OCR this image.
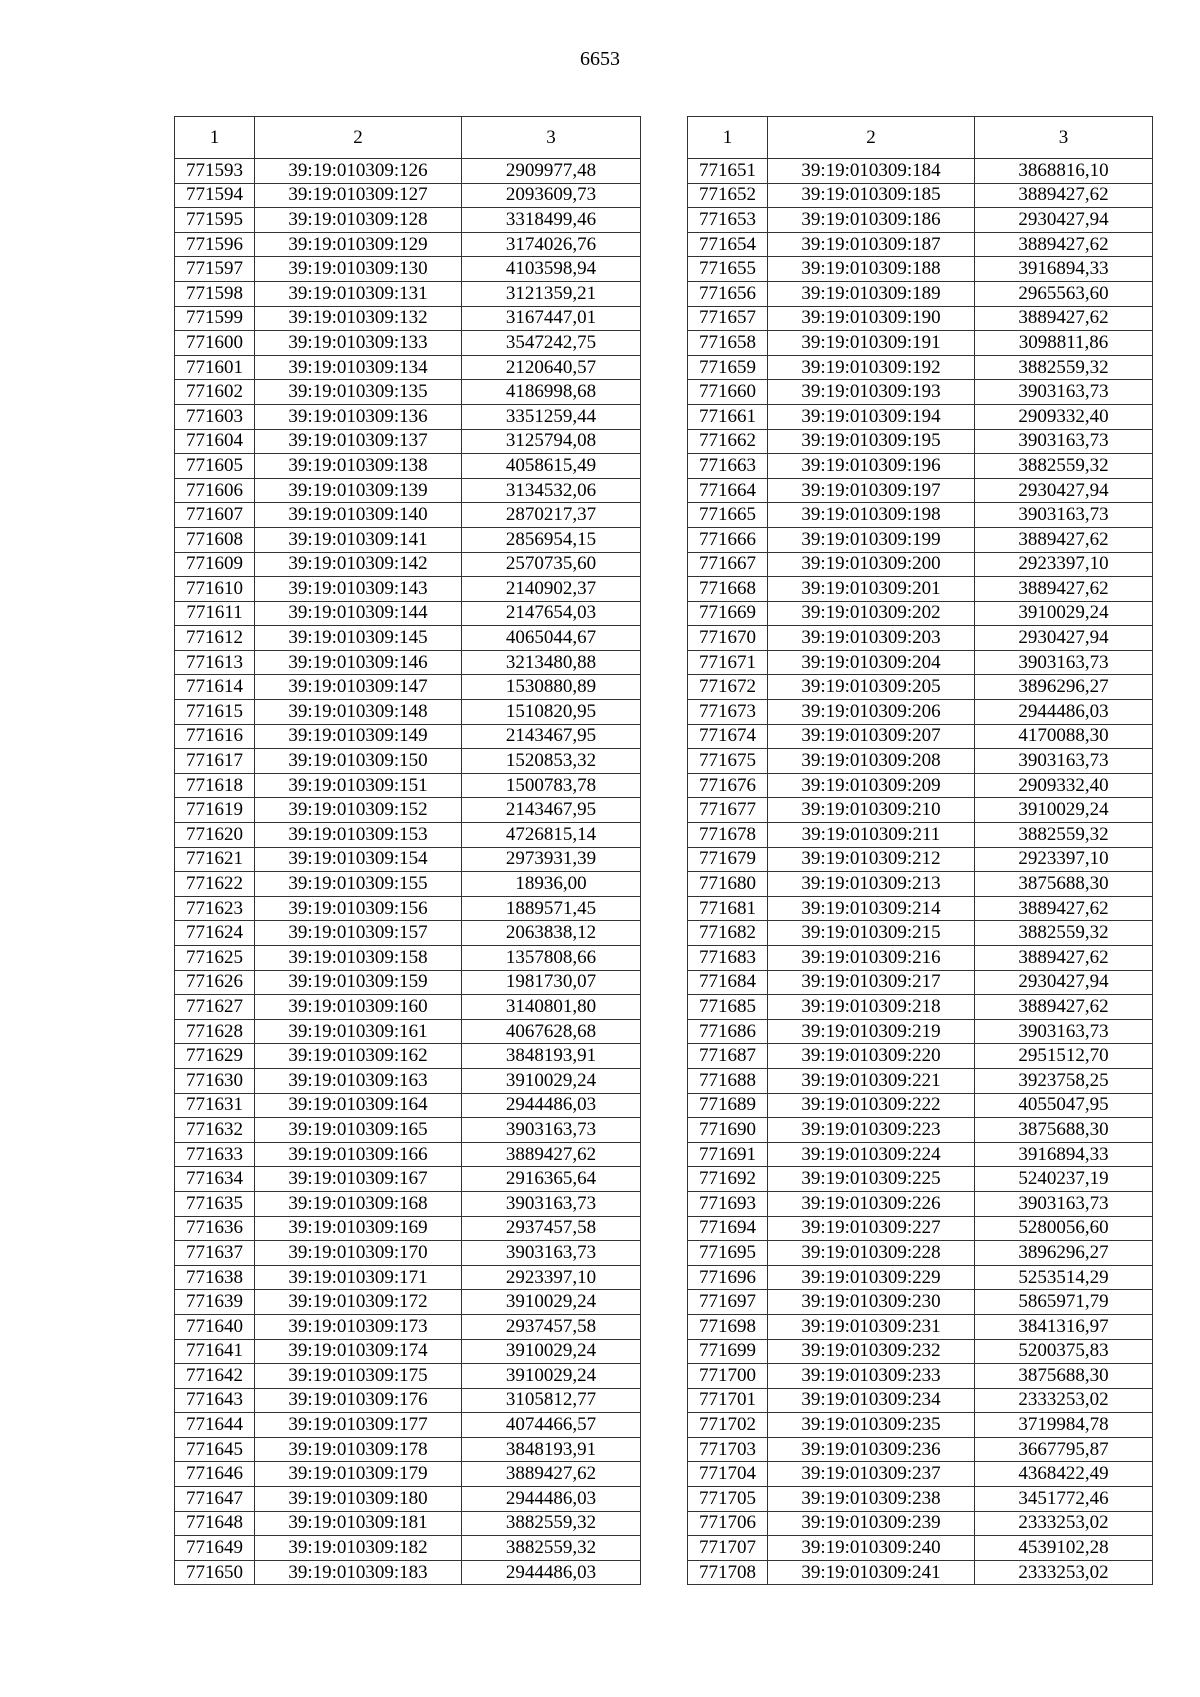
6653
1	2	3
771593	39:19:010309:126	2909977,48
771594	39:19:010309:127	2093609,73
771595	39:19:010309:128	3318499,46
771596	39:19:010309:129	3174026,76
771597	39:19:010309:130	4103598,94
771598	39:19:010309:131	3121359,21
771599	39:19:010309:132	3167447,01
771600	39:19:010309:133	3547242,75
771601	39:19:010309:134	2120640,57
771602	39:19:010309:135	4186998,68
771603	39:19:010309:136	3351259,44
771604	39:19:010309:137	3125794,08
771605	39:19:010309:138	4058615,49
771606	39:19:010309:139	3134532,06
771607	39:19:010309:140	2870217,37
771608	39:19:010309:141	2856954,15
771609	39:19:010309:142	2570735,60
771610	39:19:010309:143	2140902,37
771611	39:19:010309:144	2147654,03
771612	39:19:010309:145	4065044,67
771613	39:19:010309:146	3213480,88
771614	39:19:010309:147	1530880,89
771615	39:19:010309:148	1510820,95
771616	39:19:010309:149	2143467,95
771617	39:19:010309:150	1520853,32
771618	39:19:010309:151	1500783,78
771619	39:19:010309:152	2143467,95
771620	39:19:010309:153	4726815,14
771621	39:19:010309:154	2973931,39
771622	39:19:010309:155	18936,00
771623	39:19:010309:156	1889571,45
771624	39:19:010309:157	2063838,12
771625	39:19:010309:158	1357808,66
771626	39:19:010309:159	1981730,07
771627	39:19:010309:160	3140801,80
771628	39:19:010309:161	4067628,68
771629	39:19:010309:162	3848193,91
771630	39:19:010309:163	3910029,24
771631	39:19:010309:164	2944486,03
771632	39:19:010309:165	3903163,73
771633	39:19:010309:166	3889427,62
771634	39:19:010309:167	2916365,64
771635	39:19:010309:168	3903163,73
771636	39:19:010309:169	2937457,58
771637	39:19:010309:170	3903163,73
771638	39:19:010309:171	2923397,10
771639	39:19:010309:172	3910029,24
771640	39:19:010309:173	2937457,58
771641	39:19:010309:174	3910029,24
771642	39:19:010309:175	3910029,24
771643	39:19:010309:176	3105812,77
771644	39:19:010309:177	4074466,57
771645	39:19:010309:178	3848193,91
771646	39:19:010309:179	3889427,62
771647	39:19:010309:180	2944486,03
771648	39:19:010309:181	3882559,32
771649	39:19:010309:182	3882559,32
771650	39:19:010309:183	2944486,03
1	2	3
771651	39:19:010309:184	3868816,10
771652	39:19:010309:185	3889427,62
771653	39:19:010309:186	2930427,94
771654	39:19:010309:187	3889427,62
771655	39:19:010309:188	3916894,33
771656	39:19:010309:189	2965563,60
771657	39:19:010309:190	3889427,62
771658	39:19:010309:191	3098811,86
771659	39:19:010309:192	3882559,32
771660	39:19:010309:193	3903163,73
771661	39:19:010309:194	2909332,40
771662	39:19:010309:195	3903163,73
771663	39:19:010309:196	3882559,32
771664	39:19:010309:197	2930427,94
771665	39:19:010309:198	3903163,73
771666	39:19:010309:199	3889427,62
771667	39:19:010309:200	2923397,10
771668	39:19:010309:201	3889427,62
771669	39:19:010309:202	3910029,24
771670	39:19:010309:203	2930427,94
771671	39:19:010309:204	3903163,73
771672	39:19:010309:205	3896296,27
771673	39:19:010309:206	2944486,03
771674	39:19:010309:207	4170088,30
771675	39:19:010309:208	3903163,73
771676	39:19:010309:209	2909332,40
771677	39:19:010309:210	3910029,24
771678	39:19:010309:211	3882559,32
771679	39:19:010309:212	2923397,10
771680	39:19:010309:213	3875688,30
771681	39:19:010309:214	3889427,62
771682	39:19:010309:215	3882559,32
771683	39:19:010309:216	3889427,62
771684	39:19:010309:217	2930427,94
771685	39:19:010309:218	3889427,62
771686	39:19:010309:219	3903163,73
771687	39:19:010309:220	2951512,70
771688	39:19:010309:221	3923758,25
771689	39:19:010309:222	4055047,95
771690	39:19:010309:223	3875688,30
771691	39:19:010309:224	3916894,33
771692	39:19:010309:225	5240237,19
771693	39:19:010309:226	3903163,73
771694	39:19:010309:227	5280056,60
771695	39:19:010309:228	3896296,27
771696	39:19:010309:229	5253514,29
771697	39:19:010309:230	5865971,79
771698	39:19:010309:231	3841316,97
771699	39:19:010309:232	5200375,83
771700	39:19:010309:233	3875688,30
771701	39:19:010309:234	2333253,02
771702	39:19:010309:235	3719984,78
771703	39:19:010309:236	3667795,87
771704	39:19:010309:237	4368422,49
771705	39:19:010309:238	3451772,46
771706	39:19:010309:239	2333253,02
771707	39:19:010309:240	4539102,28
771708	39:19:010309:241	2333253,02
